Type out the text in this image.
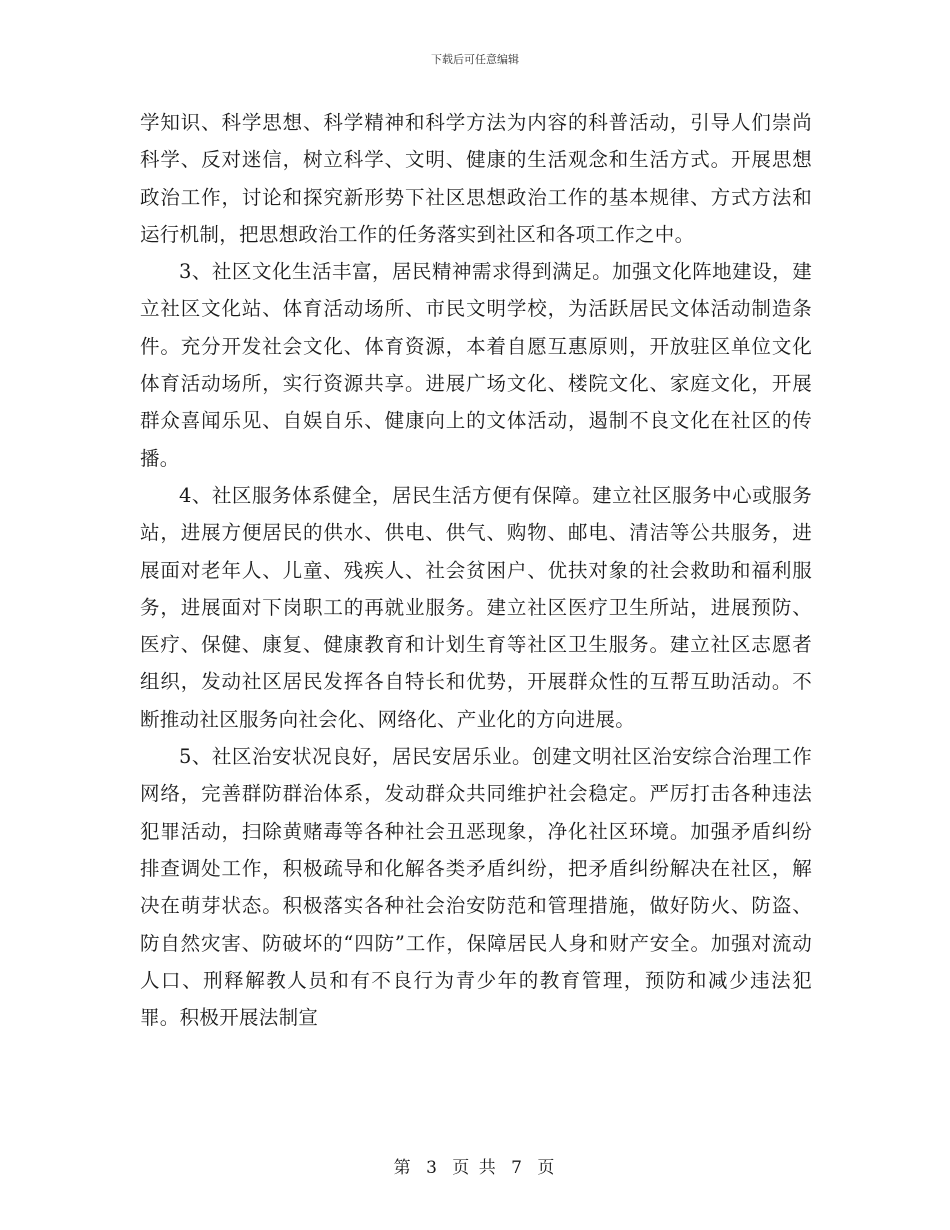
下载后可任意编辑

学知识、科学思想、科学精神和科学方法为内容的科普活动，引导人们崇尚科学、反对迷信，树立科学、文明、健康的生活观念和生活方式。开展思想政治工作，讨论和探究新形势下社区思想政治工作的基本规律、方式方法和运行机制，把思想政治工作的任务落实到社区和各项工作之中。

3、社区文化生活丰富，居民精神需求得到满足。加强文化阵地建设，建立社区文化站、体育活动场所、市民文明学校，为活跃居民文体活动制造条件。充分开发社会文化、体育资源，本着自愿互惠原则，开放驻区单位文化体育活动场所，实行资源共享。进展广场文化、楼院文化、家庭文化，开展群众喜闻乐见、自娱自乐、健康向上的文体活动，遏制不良文化在社区的传播。

4、社区服务体系健全，居民生活方便有保障。建立社区服务中心或服务站，进展方便居民的供水、供电、供气、购物、邮电、清洁等公共服务，进展面对老年人、儿童、残疾人、社会贫困户、优扶对象的社会救助和福利服务，进展面对下岗职工的再就业服务。建立社区医疗卫生所站，进展预防、医疗、保健、康复、健康教育和计划生育等社区卫生服务。建立社区志愿者组织，发动社区居民发挥各自特长和优势，开展群众性的互帮互助活动。不断推动社区服务向社会化、网络化、产业化的方向进展。

5、社区治安状况良好，居民安居乐业。创建文明社区治安综合治理工作网络，完善群防群治体系，发动群众共同维护社会稳定。严厉打击各种违法犯罪活动，扫除黄赌毒等各种社会丑恶现象，净化社区环境。加强矛盾纠纷排查调处工作，积极疏导和化解各类矛盾纠纷，把矛盾纠纷解决在社区，解决在萌芽状态。积极落实各种社会治安防范和管理措施，做好防火、防盗、防自然灾害、防破坏的“四防”工作，保障居民人身和财产安全。加强对流动人口、刑释解教人员和有不良行为青少年的教育管理，预防和减少违法犯罪。积极开展法制宣

第 3 页 共 7 页
